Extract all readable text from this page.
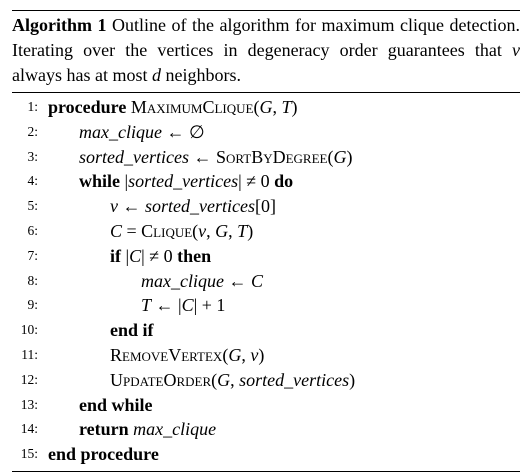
Algorithm 1 Outline of the algorithm for maximum clique detection. Iterating over the vertices in degeneracy order guarantees that v always has at most d neighbors.
1: procedure MaximumClique(G, T)
2: max_clique ← ∅
3: sorted_vertices ← SortByDegree(G)
4: while |sorted_vertices| ≠ 0 do
5:	v ← sorted_vertices[0]
6:	C = Clique(v, G, T)
7:	if |C| ≠ 0 then
8:	max_clique ← C
9:	T ← |C| + 1
10:	end if
11:	RemoveVertex(G, v)
12:	UpdateOrder(G, sorted_vertices)
13: end while
14: return max_clique
15: end procedure
